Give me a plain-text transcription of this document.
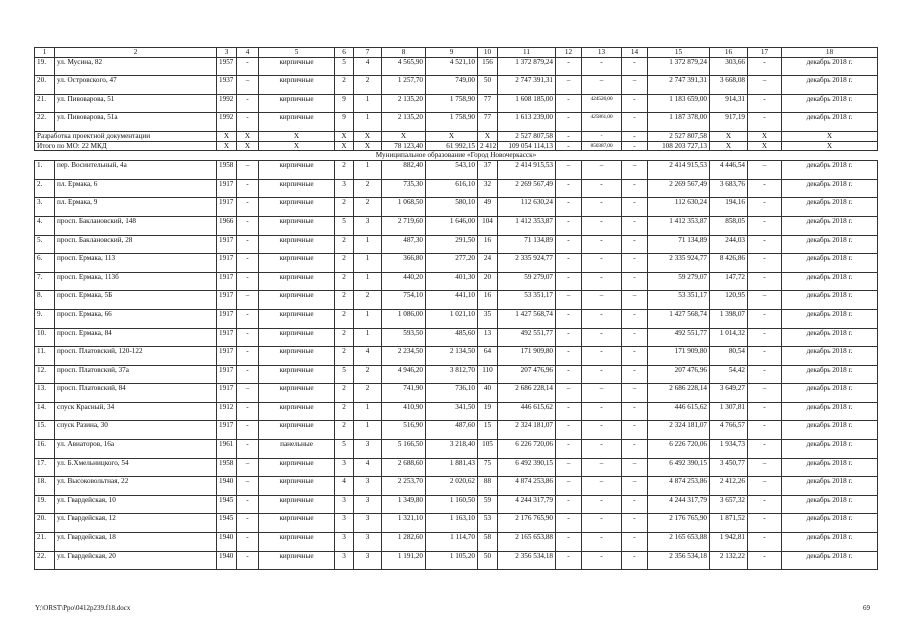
1	2	3	4	5	6	7	8	9	10	11	12	13	14	15	16	17	18
19.	ул. Мусина, 82	1957	-	кирпичные	5	4	4 565,90	4 521,10	156	1 372 879,24	-	-	-	1 372 879,24	303,66	-	декабрь 2018 г.
20.	ул. Островского, 47	1937	–	кирпичные	2	2	1 257,70	749,00	50	2 747 391,31	–	–	–	2 747 391,31	3 668,08	–	декабрь 2018 г.
21.	ул. Пивоварова, 51	1992	-	кирпичные	9	1	2 135,20	1 758,90	77	1 608 185,00	-	424526,00	-	1 183 659,00	914,31	-	декабрь 2018 г.
22.	ул. Пивоварова, 51а	1992	-	кирпичные	9	1	2 135,20	1 758,90	77	1 613 239,00	-	425861,00	-	1 187 378,00	917,19	-	декабрь 2018 г.
Разработка проектной документации		X	X	X	X	X	X	X	X	2 527 807,58	-	-	-	2 527 807,58	X	X	X
Итого по МО: 22 МКД		X	X	X	X	X	78 123,40	61 992,15	2 412	109 054 114,13	-	850387,00	-	108 203 727,13	X	X	X
Муниципальное образование «Город Новочеркасск»																	
1.	пер. Восинтельный, 4а	1958	–	кирпичные	2	1	882,40	543,10	37	2 414 915,53	–	–	–	2 414 915,53	4 446,54	–	декабрь 2018 г.
2.	пл. Ермака, 6	1917	-	кирпичные	3	2	735,30	616,10	32	2 269 567,49	-	-	-	2 269 567,49	3 683,76	-	декабрь 2018 г.
3.	пл. Ермака, 9	1917	-	кирпичные	2	2	1 068,50	580,10	49	112 630,24	-	-	-	112 630,24	194,16	-	декабрь 2018 г.
4.	просп. Баклановский, 148	1966	-	кирпичные	5	3	2 719,60	1 646,00	104	1 412 353,87	-	-	-	1 412 353,87	858,05	-	декабрь 2018 г.
5.	просп. Баклановский, 28	1917	-	кирпичные	2	1	487,30	291,50	16	71 134,89	-	-	-	71 134,89	244,03	-	декабрь 2018 г.
6.	просп. Ермака, 113	1917	-	кирпичные	2	1	366,80	277,20	24	2 335 924,77	-	-	-	2 335 924,77	8 426,86	-	декабрь 2018 г.
7.	просп. Ермака, 113б	1917	-	кирпичные	2	1	440,20	401,30	20	59 279,07	-	-	-	59 279,07	147,72	-	декабрь 2018 г.
8.	просп. Ермака, 5Б	1917	–	кирпичные	2	2	754,10	441,10	16	53 351,17	–	–	–	53 351,17	120,95	–	декабрь 2018 г.
9.	просп. Ермака, 66	1917	-	кирпичные	2	1	1 086,00	1 021,10	35	1 427 568,74	-	-	-	1 427 568,74	1 398,07	-	декабрь 2018 г.
10.	просп. Ермака, 84	1917	-	кирпичные	2	1	593,50	485,60	13	492 551,77	-	-	-	492 551,77	1 014,32	-	декабрь 2018 г.
11.	просп. Платовский, 120-122	1917	-	кирпичные	2	4	2 234,50	2 134,50	64	171 909,80	-	-	-	171 909,80	80,54	-	декабрь 2018 г.
12.	просп. Платовский, 37а	1917	-	кирпичные	5	2	4 946,20	3 812,70	110	207 476,96	-	-	-	207 476,96	54,42	-	декабрь 2018 г.
13.	просп. Платовский, 84	1917	–	кирпичные	2	2	741,90	736,10	40	2 686 228,14	–	–	–	2 686 228,14	3 649,27	–	декабрь 2018 г.
14.	спуск Красный, 34	1912	-	кирпичные	2	1	410,90	341,50	19	446 615,62	-	-	-	446 615,62	1 307,81	-	декабрь 2018 г.
15.	спуск Разина, 30	1917	-	кирпичные	2	1	516,90	487,60	15	2 324 181,07	-	-	-	2 324 181,07	4 766,57	-	декабрь 2018 г.
16.	ул. Авиаторов, 16а	1961	-	панельные	5	3	5 166,50	3 218,40	105	6 226 720,06	-	-	-	6 226 720,06	1 934,73	-	декабрь 2018 г.
17.	ул. Б.Хмельницкого, 54	1958	–	кирпичные	3	4	2 688,60	1 881,43	75	6 492 390,15	–	–	–	6 492 390,15	3 450,77	–	декабрь 2018 г.
18.	ул. Высоковольтная, 22	1940	–	кирпичные	4	3	2 253,70	2 020,62	88	4 874 253,86	–	–	–	4 874 253,86	2 412,26	–	декабрь 2018 г.
19.	ул. Гвардейская, 10	1945	-	кирпичные	3	3	1 349,80	1 160,50	59	4 244 317,79	-	-	-	4 244 317,79	3 657,32	-	декабрь 2018 г.
20.	ул. Гвардейская, 12	1945	-	кирпичные	3	3	1 321,10	1 163,10	53	2 176 765,90	-	-	-	2 176 765,90	1 871,52	-	декабрь 2018 г.
21.	ул. Гвардейская, 18	1940	-	кирпичные	3	3	1 282,60	1 114,70	58	2 165 653,88	-	-	-	2 165 653,88	1 942,81	-	декабрь 2018 г.
22.	ул. Гвардейская, 20	1940	-	кирпичные	3	3	1 191,20	1 105,20	50	2 356 534,18	-	-	-	2 356 534,18	2 132,22	-	декабрь 2018 г.
Y:\ORST\Ppo\0412p239.f18.docx	69
